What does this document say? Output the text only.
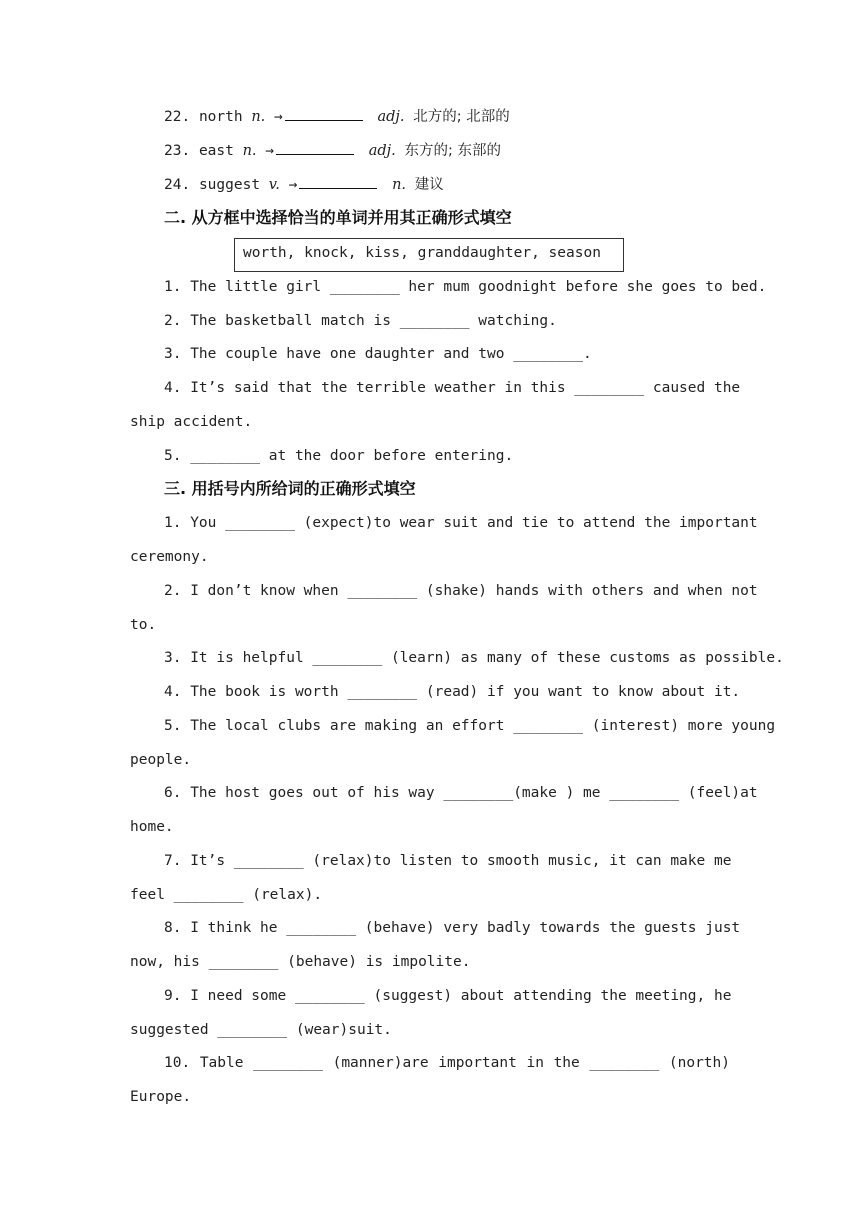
22. north n. →	adj. 北方的; 北部的
23. east n. →	adj. 东方的; 东部的
24. suggest v. →	n. 建议
二. 从方框中选择恰当的单词并用其正确形式填空
worth, knock, kiss, granddaughter, season
1. The little girl ________ her mum goodnight before she goes to bed.
2. The basketball match is ________ watching.
3. The couple have one daughter and two ________.
4. It’s said that the terrible weather in this ________ caused the
ship accident.
5. ________ at the door before entering.
三. 用括号内所给词的正确形式填空
1. You ________ (expect)to wear suit and tie to attend the important
ceremony.
2. I don’t know when ________ (shake) hands with others and when not
to.
3. It is helpful ________ (learn) as many of these customs as possible.
4. The book is worth ________ (read) if you want to know about it.
5. The local clubs are making an effort ________ (interest) more young
people.
6. The host goes out of his way ________(make ) me ________ (feel)at
home.
7. It’s ________ (relax)to listen to smooth music, it can make me
feel ________ (relax).
8. I think he ________ (behave) very badly towards the guests just
now, his ________ (behave) is impolite.
9. I need some ________ (suggest) about attending the meeting, he
suggested ________ (wear)suit.
10. Table ________ (manner)are important in the ________ (north)
Europe.
